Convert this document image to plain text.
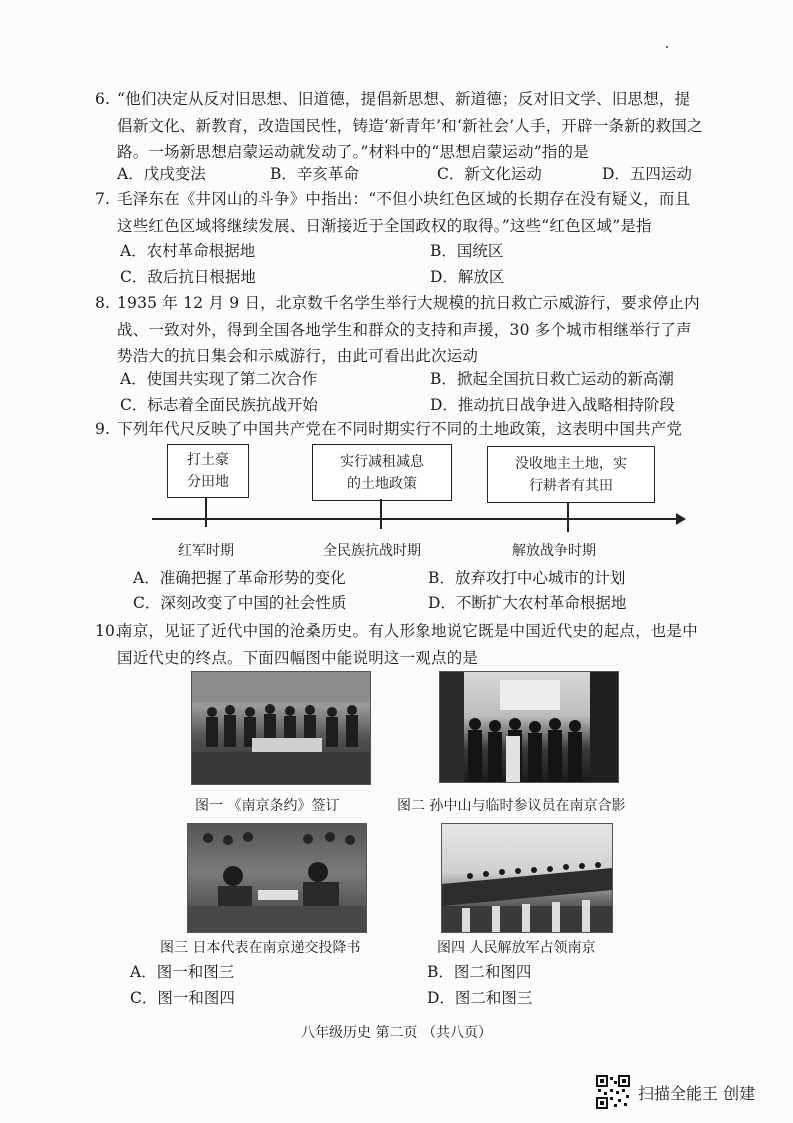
6. “他们决定从反对旧思想、旧道德，提倡新思想、新道德；反对旧文学、旧思想，提倡新文化、新教育，改造国民性，铸造‘新青年’和‘新社会’人手，开辟一条新的救国之路。一场新思想启蒙运动就发动了。”材料中的“思想启蒙运动”指的是
A．戊戌变法	B．辛亥革命	C．新文化运动	D．五四运动
7. 毛泽东在《井冈山的斗争》中指出：“不但小块红色区域的长期存在没有疑义，而且这些红色区域将继续发展、日渐接近于全国政权的取得。”这些“红色区域”是指
A．农村革命根据地	B．国统区
C．敌后抗日根据地	D．解放区
8. 1935 年 12 月 9 日，北京数千名学生举行大规模的抗日救亡示威游行，要求停止内战、一致对外，得到全国各地学生和群众的支持和声援，30 多个城市相继举行了声势浩大的抗日集会和示威游行，由此可看出此次运动
A．使国共实现了第二次合作	B．掀起全国抗日救亡运动的新高潮
C．标志着全面民族抗战开始	D．推动抗日战争进入战略相持阶段
9. 下列年代尺反映了中国共产党在不同时期实行不同的土地政策，这表明中国共产党
打土豪
分田地
实行减租减息
的土地政策
没收地主土地，实
行耕者有其田
红军时期	全民族抗战时期	解放战争时期
A．准确把握了革命形势的变化	B．放弃攻打中心城市的计划
C．深刻改变了中国的社会性质	D．不断扩大农村革命根据地
10.
南京，见证了近代中国的沧桑历史。有人形象地说它既是中国近代史的起点，也是中国近代史的终点。下面四幅图中能说明这一观点的是
图一 《南京条约》签订	图二 孙中山与临时参议员在南京合影
图三 日本代表在南京递交投降书	图四 人民解放军占领南京
A．图一和图三	B．图二和图四
C．图一和图四	D．图二和图三
八年级历史 第二页 （共八页）
扫描全能王 创建
